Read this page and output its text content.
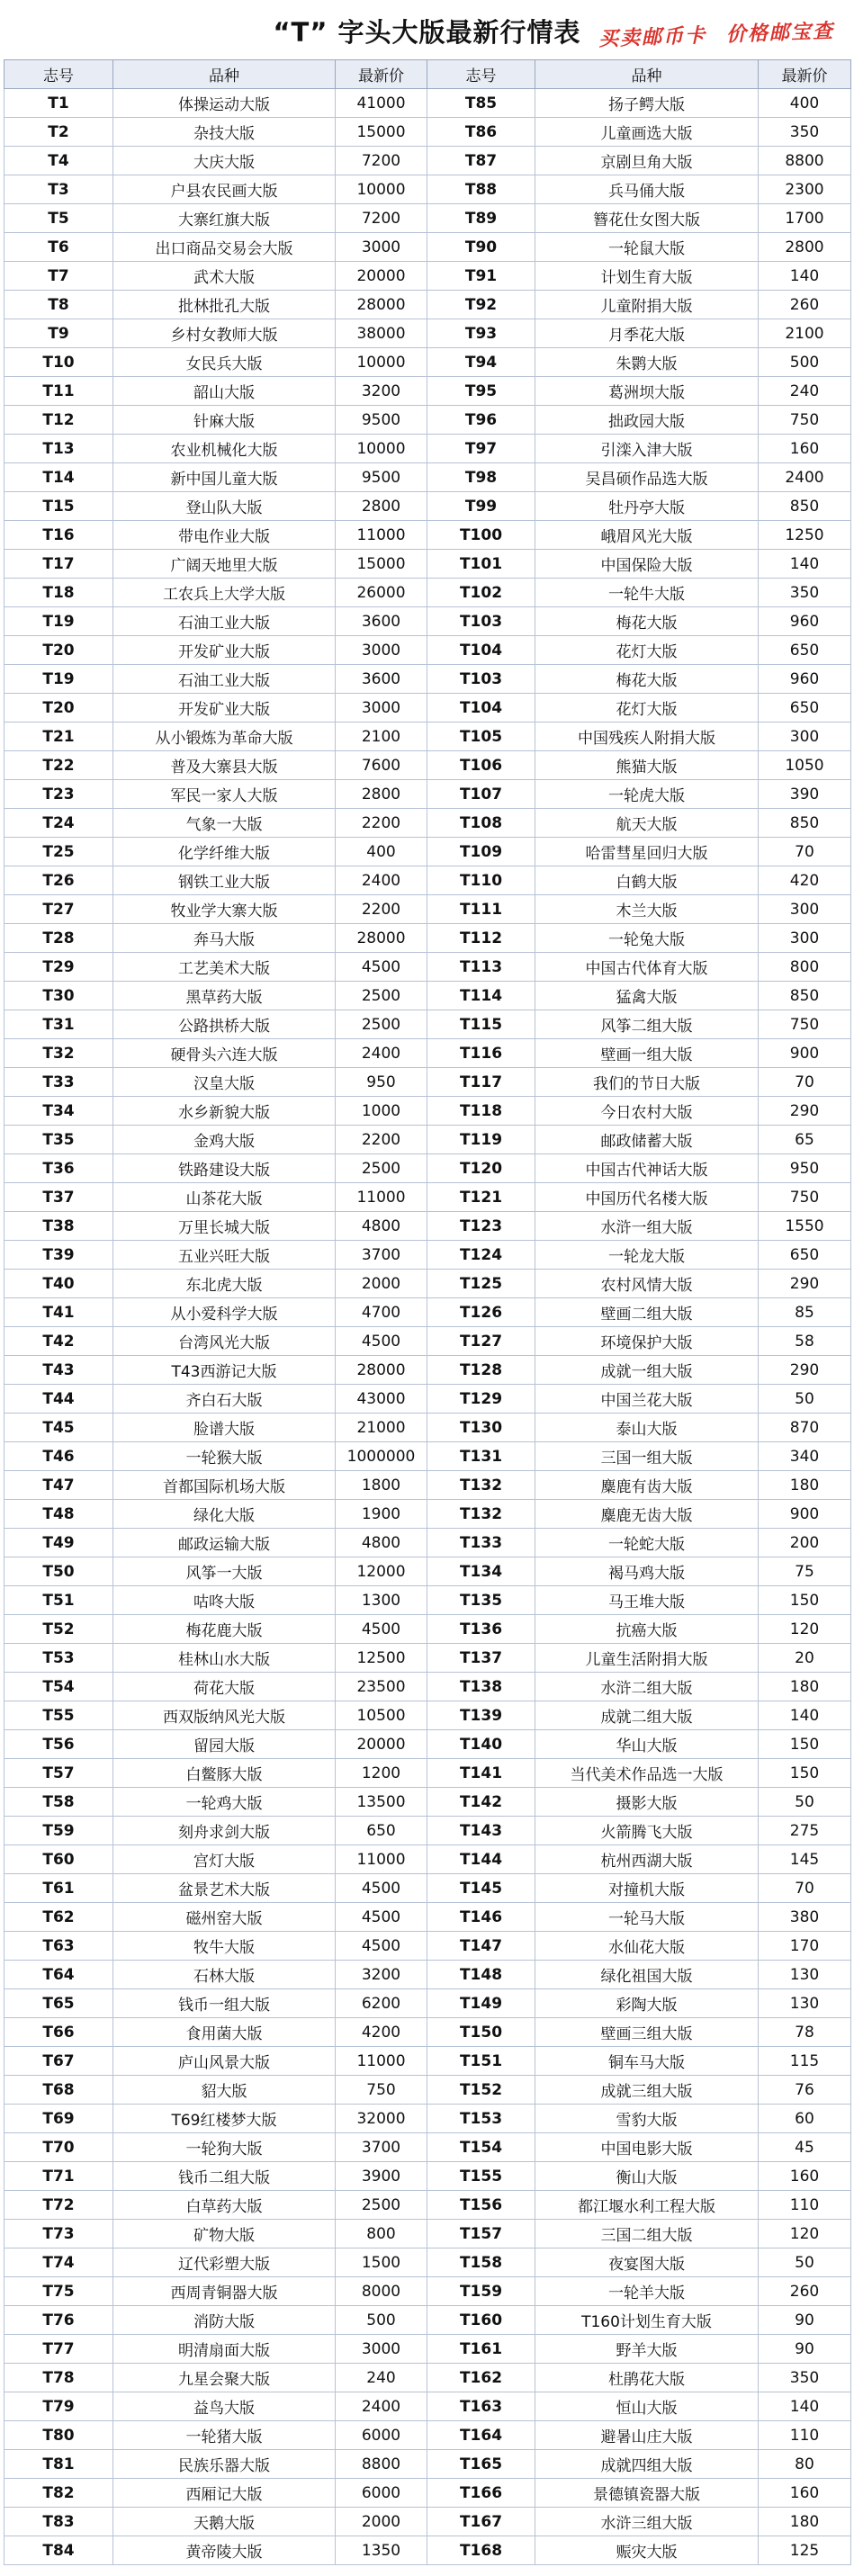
“T” 字头大版最新行情表 买卖邮币卡 价格邮宝查
志号	品种	最新价	志号	品种	最新价
T1	体操运动大版	41000	T85	扬子鳄大版	400
T2	杂技大版	15000	T86	儿童画选大版	350
T4	大庆大版	7200	T87	京剧旦角大版	8800
T3	户县农民画大版	10000	T88	兵马俑大版	2300
T5	大寨红旗大版	7200	T89	簪花仕女图大版	1700
T6	出口商品交易会大版	3000	T90	一轮鼠大版	2800
T7	武术大版	20000	T91	计划生育大版	140
T8	批林批孔大版	28000	T92	儿童附捐大版	260
T9	乡村女教师大版	38000	T93	月季花大版	2100
T10	女民兵大版	10000	T94	朱鹮大版	500
T11	韶山大版	3200	T95	葛洲坝大版	240
T12	针麻大版	9500	T96	拙政园大版	750
T13	农业机械化大版	10000	T97	引滦入津大版	160
T14	新中国儿童大版	9500	T98	吴昌硕作品选大版	2400
T15	登山队大版	2800	T99	牡丹亭大版	850
T16	带电作业大版	11000	T100	峨眉风光大版	1250
T17	广阔天地里大版	15000	T101	中国保险大版	140
T18	工农兵上大学大版	26000	T102	一轮牛大版	350
T19	石油工业大版	3600	T103	梅花大版	960
T20	开发矿业大版	3000	T104	花灯大版	650
T19	石油工业大版	3600	T103	梅花大版	960
T20	开发矿业大版	3000	T104	花灯大版	650
T21	从小锻炼为革命大版	2100	T105	中国残疾人附捐大版	300
T22	普及大寨县大版	7600	T106	熊猫大版	1050
T23	军民一家人大版	2800	T107	一轮虎大版	390
T24	气象一大版	2200	T108	航天大版	850
T25	化学纤维大版	400	T109	哈雷彗星回归大版	70
T26	钢铁工业大版	2400	T110	白鹤大版	420
T27	牧业学大寨大版	2200	T111	木兰大版	300
T28	奔马大版	28000	T112	一轮兔大版	300
T29	工艺美术大版	4500	T113	中国古代体育大版	800
T30	黑草药大版	2500	T114	猛禽大版	850
T31	公路拱桥大版	2500	T115	风筝二组大版	750
T32	硬骨头六连大版	2400	T116	壁画一组大版	900
T33	汉皇大版	950	T117	我们的节日大版	70
T34	水乡新貌大版	1000	T118	今日农村大版	290
T35	金鸡大版	2200	T119	邮政储蓄大版	65
T36	铁路建设大版	2500	T120	中国古代神话大版	950
T37	山茶花大版	11000	T121	中国历代名楼大版	750
T38	万里长城大版	4800	T123	水浒一组大版	1550
T39	五业兴旺大版	3700	T124	一轮龙大版	650
T40	东北虎大版	2000	T125	农村风情大版	290
T41	从小爱科学大版	4700	T126	壁画二组大版	85
T42	台湾风光大版	4500	T127	环境保护大版	58
T43	T43西游记大版	28000	T128	成就一组大版	290
T44	齐白石大版	43000	T129	中国兰花大版	50
T45	脸谱大版	21000	T130	泰山大版	870
T46	一轮猴大版	1000000	T131	三国一组大版	340
T47	首都国际机场大版	1800	T132	麋鹿有齿大版	180
T48	绿化大版	1900	T132	麋鹿无齿大版	900
T49	邮政运输大版	4800	T133	一轮蛇大版	200
T50	风筝一大版	12000	T134	褐马鸡大版	75
T51	咕咚大版	1300	T135	马王堆大版	150
T52	梅花鹿大版	4500	T136	抗癌大版	120
T53	桂林山水大版	12500	T137	儿童生活附捐大版	20
T54	荷花大版	23500	T138	水浒二组大版	180
T55	西双版纳风光大版	10500	T139	成就二组大版	140
T56	留园大版	20000	T140	华山大版	150
T57	白鳖豚大版	1200	T141	当代美术作品选一大版	150
T58	一轮鸡大版	13500	T142	摄影大版	50
T59	刻舟求剑大版	650	T143	火箭腾飞大版	275
T60	宫灯大版	11000	T144	杭州西湖大版	145
T61	盆景艺术大版	4500	T145	对撞机大版	70
T62	磁州窑大版	4500	T146	一轮马大版	380
T63	牧牛大版	4500	T147	水仙花大版	170
T64	石林大版	3200	T148	绿化祖国大版	130
T65	钱币一组大版	6200	T149	彩陶大版	130
T66	食用菌大版	4200	T150	壁画三组大版	78
T67	庐山风景大版	11000	T151	铜车马大版	115
T68	貂大版	750	T152	成就三组大版	76
T69	T69红楼梦大版	32000	T153	雪豹大版	60
T70	一轮狗大版	3700	T154	中国电影大版	45
T71	钱币二组大版	3900	T155	衡山大版	160
T72	白草药大版	2500	T156	都江堰水利工程大版	110
T73	矿物大版	800	T157	三国二组大版	120
T74	辽代彩塑大版	1500	T158	夜宴图大版	50
T75	西周青铜器大版	8000	T159	一轮羊大版	260
T76	消防大版	500	T160	T160计划生育大版	90
T77	明清扇面大版	3000	T161	野羊大版	90
T78	九星会聚大版	240	T162	杜鹃花大版	350
T79	益鸟大版	2400	T163	恒山大版	140
T80	一轮猪大版	6000	T164	避暑山庄大版	110
T81	民族乐器大版	8800	T165	成就四组大版	80
T82	西厢记大版	6000	T166	景德镇瓷器大版	160
T83	天鹅大版	2000	T167	水浒三组大版	180
T84	黄帝陵大版	1350	T168	赈灾大版	125
